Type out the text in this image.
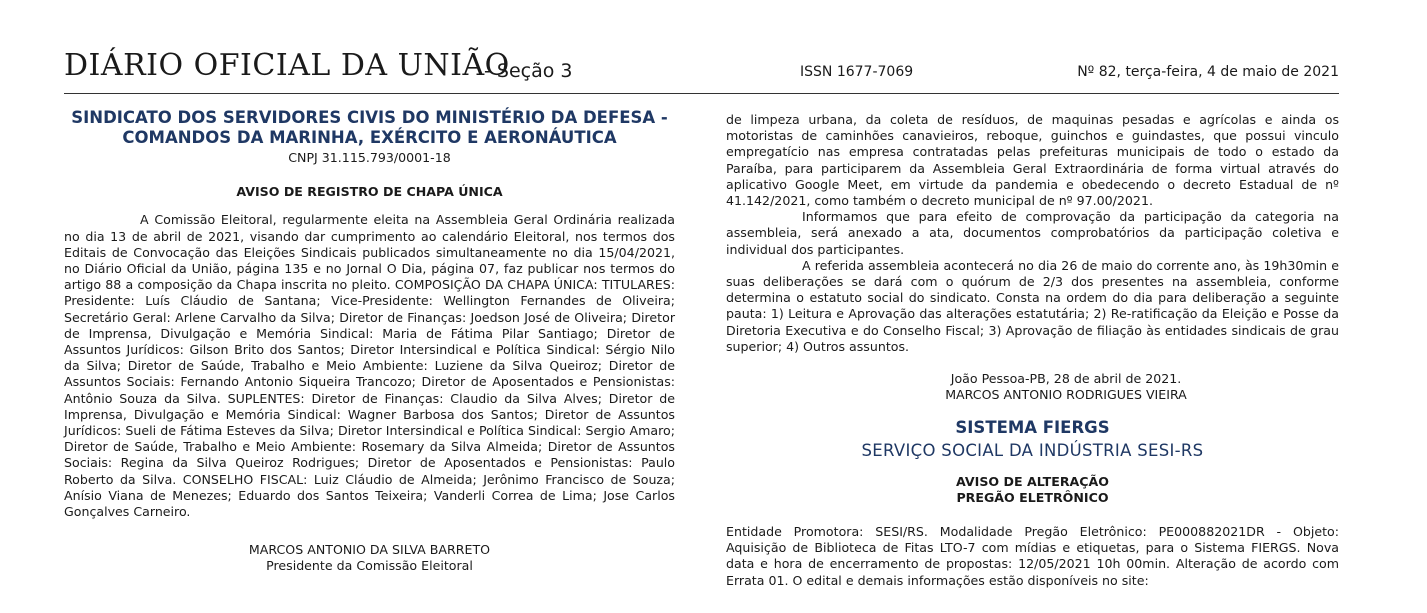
DIÁRIO OFICIAL DA UNIÃO
- Seção 3	ISSN 1677-7069	Nº 82, terça-feira, 4 de maio de 2021

SINDICATO DOS SERVIDORES CIVIS DO MINISTÉRIO DA DEFESA -

COMANDOS DA MARINHA, EXÉRCITO E AERONÁUTICA

CNPJ 31.115.793/0001-18

AVISO DE REGISTRO DE CHAPA ÚNICA

A Comissão Eleitoral, regularmente eleita na Assembleia Geral Ordinária realizada no dia 13 de abril de 2021, visando dar cumprimento ao calendário Eleitoral, nos termos dos Editais de Convocação das Eleições Sindicais publicados simultaneamente no dia 15/04/2021, no Diário Oficial da União, página 135 e no Jornal O Dia, página 07, faz publicar nos termos do artigo 88 a composição da Chapa inscrita no pleito. COMPOSIÇÃO DA CHAPA ÚNICA: TITULARES: Presidente: Luís Cláudio de Santana; Vice-Presidente: Wellington Fernandes de Oliveira; Secretário Geral: Arlene Carvalho da Silva; Diretor de Finanças: Joedson José de Oliveira; Diretor de Imprensa, Divulgação e Memória Sindical: Maria de Fátima Pilar Santiago; Diretor de Assuntos Jurídicos: Gilson Brito dos Santos; Diretor Intersindical e Política Sindical: Sérgio Nilo da Silva; Diretor de Saúde, Trabalho e Meio Ambiente: Luziene da Silva Queiroz; Diretor de Assuntos Sociais: Fernando Antonio Siqueira Trancozo; Diretor de Aposentados e Pensionistas: Antônio Souza da Silva. SUPLENTES: Diretor de Finanças: Claudio da Silva Alves; Diretor de Imprensa, Divulgação e Memória Sindical: Wagner Barbosa dos Santos; Diretor de Assuntos Jurídicos: Sueli de Fátima Esteves da Silva; Diretor Intersindical e Política Sindical: Sergio Amaro; Diretor de Saúde, Trabalho e Meio Ambiente: Rosemary da Silva Almeida; Diretor de Assuntos Sociais: Regina da Silva Queiroz Rodrigues; Diretor de Aposentados e Pensionistas: Paulo Roberto da Silva. CONSELHO FISCAL: Luiz Cláudio de Almeida; Jerônimo Francisco de Souza; Anísio Viana de Menezes; Eduardo dos Santos Teixeira; Vanderli Correa de Lima; Jose Carlos Gonçalves Carneiro.

MARCOS ANTONIO DA SILVA BARRETO

Presidente da Comissão Eleitoral

de limpeza urbana, da coleta de resíduos, de maquinas pesadas e agrícolas e ainda os motoristas de caminhões canavieiros, reboque, guinchos e guindastes, que possui vinculo empregatício nas empresa contratadas pelas prefeituras municipais de todo o estado da Paraíba, para participarem da Assembleia Geral Extraordinária de forma virtual através do aplicativo Google Meet, em virtude da pandemia e obedecendo o decreto Estadual de nº 41.142/2021, como também o decreto municipal de nº 97.00/2021.

Informamos que para efeito de comprovação da participação da categoria na assembleia, será anexado a ata, documentos comprobatórios da participação coletiva e individual dos participantes.

A referida assembleia acontecerá no dia 26 de maio do corrente ano, às 19h30min e suas deliberações se dará com o quórum de 2/3 dos presentes na assembleia, conforme determina o estatuto social do sindicato. Consta na ordem do dia para deliberação a seguinte pauta: 1) Leitura e Aprovação das alterações estatutária; 2) Re-ratificação da Eleição e Posse da Diretoria Executiva e do Conselho Fiscal; 3) Aprovação de filiação às entidades sindicais de grau superior; 4) Outros assuntos.

João Pessoa-PB, 28 de abril de 2021.

MARCOS ANTONIO RODRIGUES VIEIRA

SISTEMA FIERGS

SERVIÇO SOCIAL DA INDÚSTRIA SESI-RS

AVISO DE ALTERAÇÃO

PREGÃO ELETRÔNICO

Entidade Promotora: SESI/RS. Modalidade Pregão Eletrônico: PE000882021DR - Objeto: Aquisição de Biblioteca de Fitas LTO-7 com mídias e etiquetas, para o Sistema FIERGS. Nova data e hora de encerramento de propostas: 12/05/2021 10h 00min. Alteração de acordo com Errata 01. O edital e demais informações estão disponíveis no site:
